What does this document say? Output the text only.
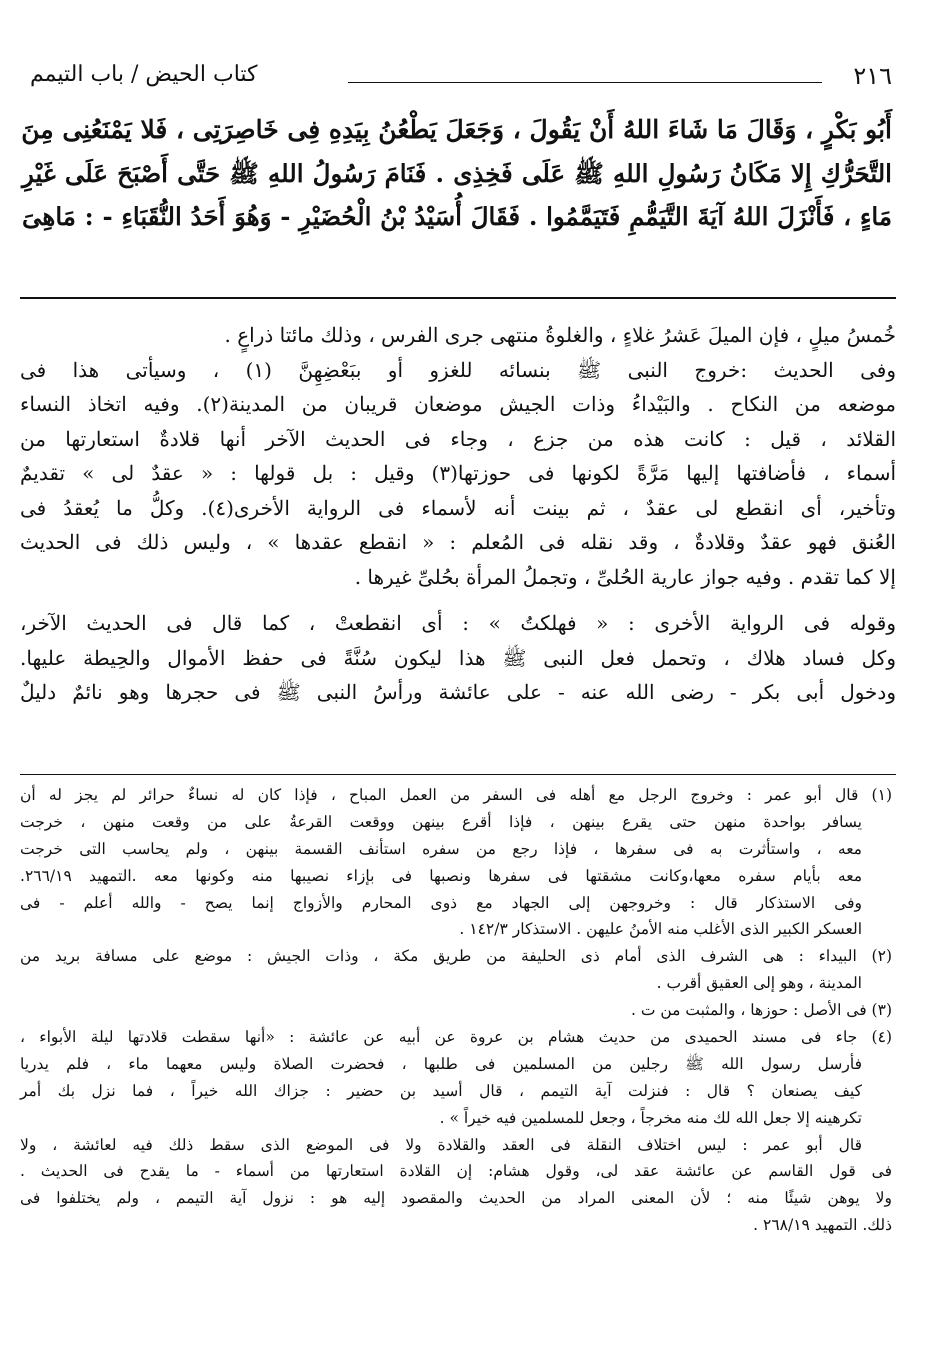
٢١٦
كتاب الحيض / باب التيمم
أَبُو بَكْرٍ ، وَقَالَ مَا شَاءَ اللهُ أَنْ يَقُولَ ، وَجَعَلَ يَطْعُنُ بِيَدِهِ فِى خَاصِرَتِى ، فَلا يَمْنَعُنِى مِنَ
التَّحَرُّكِ إِلا مَكَانُ رَسُولِ اللهِ ﷺ عَلَى فَخِذِى . فَنَامَ رَسُولُ اللهِ ﷺ حَتَّى أَصْبَحَ عَلَى غَيْرِ
مَاءٍ ، فَأَنْزَلَ اللهُ آيَةَ التَّيَمُّمِ فَتَيَمَّمُوا . فَقَالَ أُسَيْدُ بْنُ الْحُضَيْرِ - وَهُوَ أَحَدُ النُّقَبَاءِ - : مَاهِىَ
خُمسُ ميلٍ ، فإن الميلَ عَشرُ غلاءٍ ، والغلوةُ منتهى جرى الفرس ، وذلك مائتا ذراعٍ .
وفى الحديث :خروج النبى ﷺ بنسائه للغزو أو ببَعْضِهِنَّ (١) ، وسيأتى هذا فى
موضعه من النكاح . والبَيْداءُ وذات الجيش موضعان قريبان من المدينة(٢). وفيه اتخاذ النساء
القلائد ، قيل : كانت هذه من جزع ، وجاء فى الحديث الآخر أنها قلادةٌ استعارتها من
أسماء ، فأضافتها إليها مَرَّةً لكونها فى حوزتها(٣) وقيل : بل قولها : « عقدٌ لى » تقديمٌ
وتأخير، أى انقطع لى عقدٌ ، ثم بينت أنه لأسماء فى الرواية الأخرى(٤). وكلُّ ما يُعقدُ فى
العُنق فهو عقدٌ وقلادةٌ ، وقد نقله فى المُعلم : « انقطع عقدها » ، وليس ذلك فى الحديث
إلا كما تقدم . وفيه جواز عارية الحُلىِّ ، وتجملُ المرأة بحُلىِّ غيرها .
وقوله فى الرواية الأخرى : « فهلكتُ » : أى انقطعتْ ، كما قال فى الحديث الآخر،
وكل فساد هلاك ، وتحمل فعل النبى ﷺ هذا ليكون سُنَّةً فى حفظ الأموال والحِيطة عليها.
ودخول أبى بكر - رضى الله عنه - على عائشة ورأسُ النبى ﷺ فى حجرها وهو نائمٌ دليلٌ
(١) قال أبو عمر : وخروج الرجل مع أهله فى السفر من العمل المباح ، فإذا كان له نساءٌ حرائر لم يجز له أن
يسافر بواحدة منهن حتى يقرع بينهن ، فإذا أقرع بينهن ووقعت القرعةُ على من وقعت منهن ، خرجت
معه ، واستأثرت به فى سفرها ، فإذا رجع من سفره استأنف القسمة بينهن ، ولم يحاسب التى خرجت
معه بأيام سفره معها،وكانت مشقتها فى سفرها ونصبها فى بإزاء نصيبها منه وكونها معه .التمهيد ٢٦٦/١٩.
وفى الاستذكار قال : وخروجهن إلى الجهاد مع ذوى المحارم والأزواج إنما يصح - والله أعلم - فى
العسكر الكبير الذى الأغلب منه الأمنُ عليهن . الاستذكار ١٤٢/٣ .
(٢) البيداء : هى الشرف الذى أمام ذى الحليفة من طريق مكة ، وذات الجيش : موضع على مسافة بريد من
المدينة ، وهو إلى العقيق أقرب .
(٣) فى الأصل : حوزها ، والمثبت من ت .
(٤) جاء فى مسند الحميدى من حديث هشام بن عروة عن أبيه عن عائشة : «أنها سقطت قلادتها ليلة الأبواء ،
فأرسل رسول الله ﷺ رجلين من المسلمين فى طلبها ، فحضرت الصلاة وليس معهما ماء ، فلم يدريا
كيف يصنعان ؟ قال : فنزلت آية التيمم ، قال أسيد بن حضير : جزاك الله خيراً ، فما نزل بك أمر
تكرهينه إلا جعل الله لك منه مخرجاً ، وجعل للمسلمين فيه خيراً » .
قال أبو عمر : ليس اختلاف النقلة فى العقد والقلادة ولا فى الموضع الذى سقط ذلك فيه لعائشة ، ولا
فى قول القاسم عن عائشة عقد لى، وقول هشام: إن القلادة استعارتها من أسماء - ما يقدح فى الحديث .
ولا يوهن شيئًا منه ؛ لأن المعنى المراد من الحديث والمقصود إليه هو : نزول آية التيمم ، ولم يختلفوا فى
ذلك. التمهيد ٢٦٨/١٩ .
